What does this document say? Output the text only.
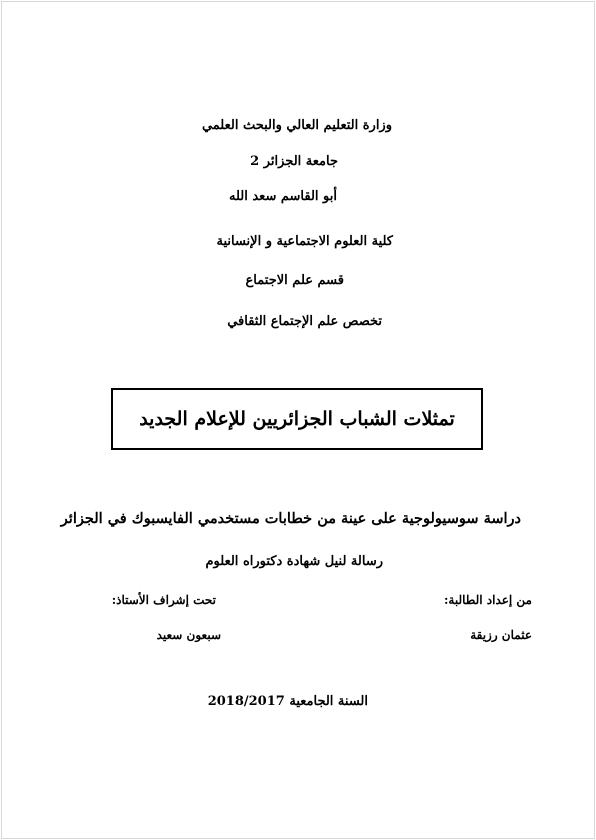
وزارة التعليم العالي والبحث العلمي
جامعة الجزائر 2
أبو القاسم سعد الله
كلية العلوم الاجتماعية و الإنسانية
قسم علم الاجتماع
تخصص علم الإجتماع الثقافي
تمثلات الشباب الجزائريين للإعلام الجديد
دراسة سوسيولوجية على عينة من خطابات مستخدمي الفايسبوك في الجزائر
رسالة لنيل شهادة دكتوراه العلوم
من إعداد الطالبة:
تحت إشراف الأستاذ:
عثمان رزيقة
سبعون سعيد
السنة الجامعية 2018/2017
